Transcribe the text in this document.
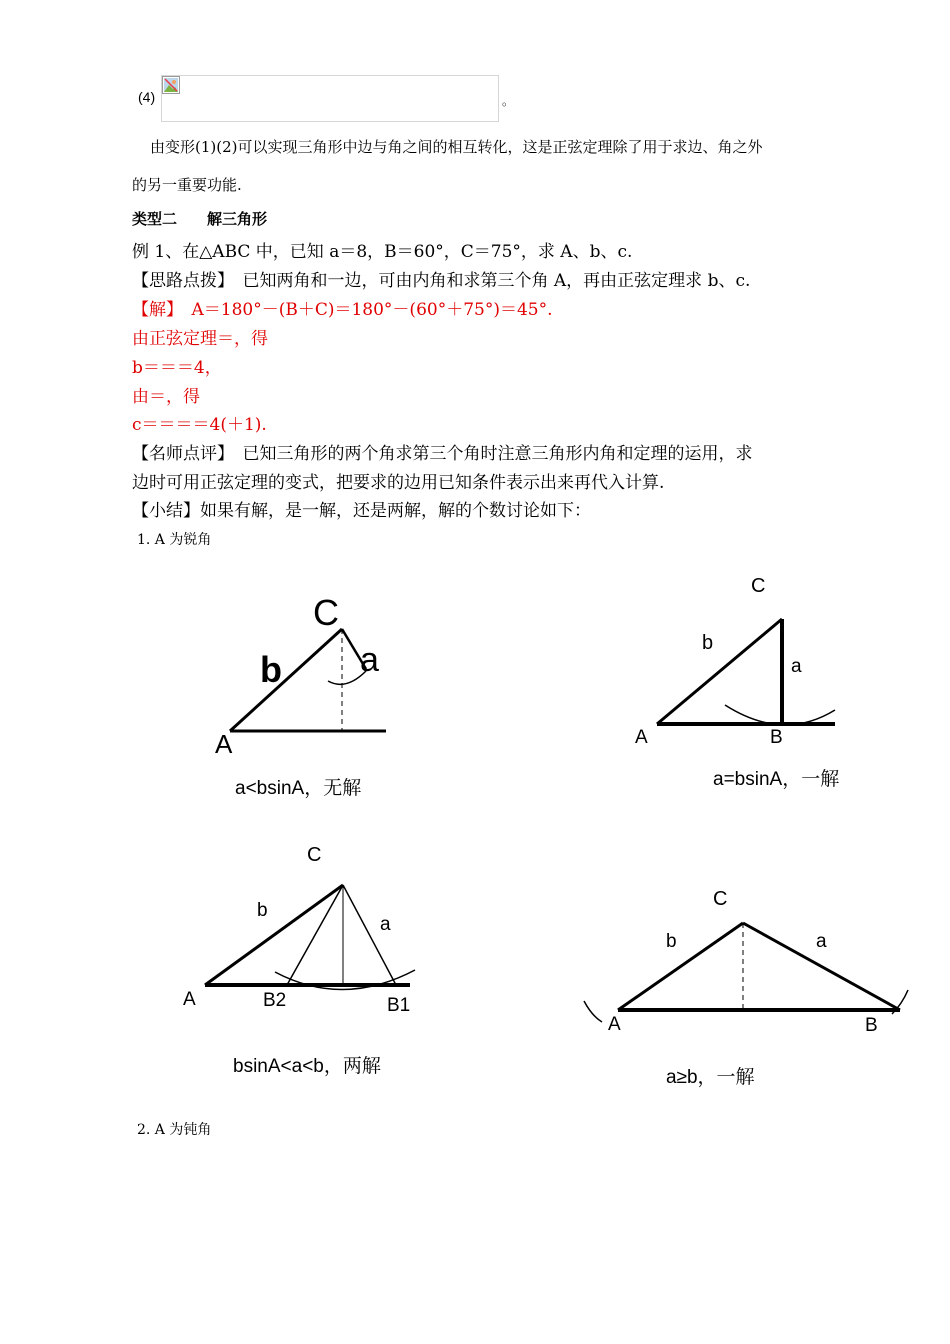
(4)	。
由变形(1)(2)可以实现三角形中边与角之间的相互转化，这是正弦定理除了用于求边、角之外
的另一重要功能.
类型二　　解三角形
例 1、在△ABC 中，已知 a＝8，B＝60°，C＝75°，求 A、b、c.
【思路点拨】　已知两角和一边，可由内角和求第三个角 A，再由正弦定理求 b、c.
【解】　A＝180°－(B＋C)＝180°－(60°＋75°)＝45°.
由正弦定理＝，得
b＝＝＝4，
由＝，得
c＝＝＝＝4(＋1).
【名师点评】　已知三角形的两个角求第三个角时注意三角形内角和定理的运用，求
边时可用正弦定理的变式，把要求的边用已知条件表示出来再代入计算.
【小结】如果有解，是一解，还是两解，解的个数讨论如下：
1. A 为锐角
C
b a
A
a<bsinA，无解
C
b
a
A	B
a=bsinA，一解
C
b
a
A	B2	B1
bsinA<a<b，两解
C
b	a
A	B
a≥b，一解
2. A 为钝角
